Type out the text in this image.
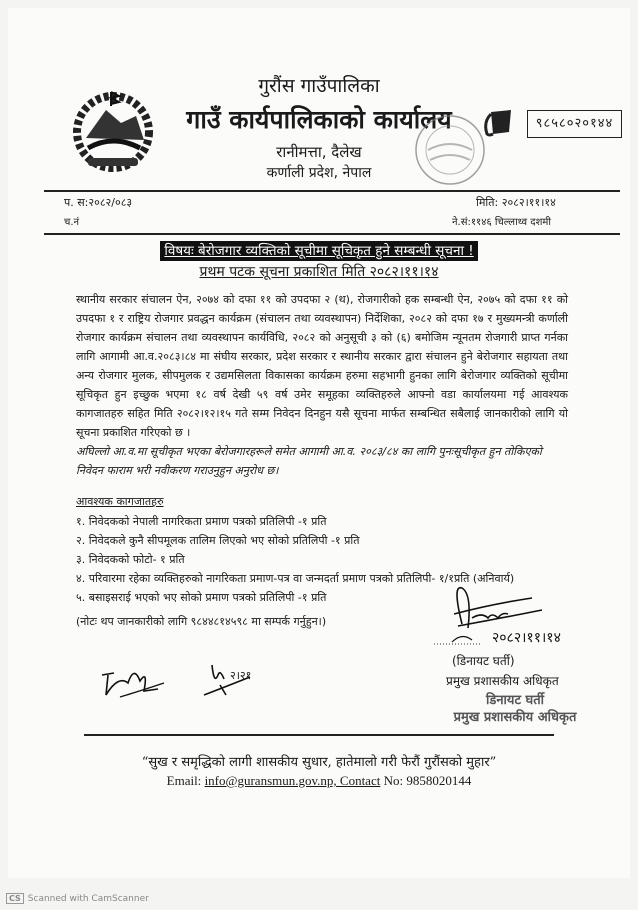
गुरौंस गाउँपालिका
गाउँ कार्यपालिकाको कार्यालय
रानीमत्ता, दैलेख
कर्णाली प्रदेश, नेपाल
९८५८०२०१४४
प. स:२०८२/०८३
च.नं
मिति: २०८२।११।१४
ने.सं:११४६ चिल्लाथ्व दशमी
विषयः बेरोजगार व्यक्तिको सूचीमा सूचिकृत हुने सम्बन्धी सूचना !
प्रथम पटक सूचना प्रकाशित मिति २०८२।११।१४
स्थानीय सरकार संचालन ऐन, २०७४ को दफा ११ को उपदफा २ (थ), रोजगारीको हक सम्बन्धी ऐन, २०७५ को दफा ११ को उपदफा १ र राष्ट्रिय रोजगार प्रवद्धन कार्यक्रम (संचालन तथा व्यवस्थापन) निर्देशिका, २०८२ को दफा १७ र मुख्यमन्त्री कर्णाली रोजगार कार्यक्रम संचालन तथा व्यवस्थापन कार्यविधि, २०८२ को अनुसूची ३ को (६) बमोजिम न्यूनतम रोजगारी प्राप्त गर्नका लागि आगामी आ.व.२०८३।८४ मा संघीय सरकार, प्रदेश सरकार र स्थानीय सरकार द्वारा संचालन हुने बेरोजगार सहायता तथा अन्य रोजगार मुलक, सीपमुलक र उद्यमसिलता विकासका कार्यक्रम हरुमा सहभागी हुनका लागि बेरोजगार व्यक्तिको सूचीमा सूचिकृत हुन इच्छुक भएमा १८ वर्ष देखी ५९ वर्ष उमेर समूहका व्यक्तिहरुले आफ्नो वडा कार्यालयमा गई आवश्यक कागजातहरु सहित मिति २०८२।१२।१५ गते सम्म निवेदन दिनहुन यसै सूचना मार्फत सम्बन्धित सबैलाई जानकारीको लागि यो सूचना प्रकाशित गरिएको छ ।
अघिल्लो आ.व.मा सूचीकृत भएका बेरोजगारहरूले समेत आगामी आ.व. २०८३/८४ का लागि पुनःसूचीकृत हुन तोकिएको निवेदन फाराम भरी नवीकरण गराउनुहुन अनुरोध छ।
आवश्यक कागजातहरु
१. निवेदकको नेपाली नागरिकता प्रमाण पत्रको प्रतिलिपी -१ प्रति
२. निवेदकले कुनै सीपमूलक तालिम लिएको भए सोको प्रतिलिपी -१ प्रति
३. निवेदकको फोटो- १ प्रति
४. परिवारमा रहेका व्यक्तिहरुको नागरिकता प्रमाण-पत्र वा जन्मदर्ता प्रमाण पत्रको प्रतिलिपी- १/१प्रति (अनिवार्य)
५. बसाइसराई भएको भए सोको प्रमाण पत्रको प्रतिलिपी -१ प्रति
(नोटः थप जानकारीको लागि ९८४४८१४५९८ मा सम्पर्क गर्नुहुन।)
२०८२।११।१४
(डिनायट घर्ती)
प्रमुख प्रशासकीय अधिकृत
डिनायट घर्ती
प्रमुख प्रशासकीय अधिकृत
२।२१
“सुख र समृद्धिको लागी शासकीय सुधार, हातेमालो गरी फेरौं गुरौंसको मुहार”
Email: info@guransmun.gov.np, Contact No: 9858020144
CS Scanned with CamScanner
